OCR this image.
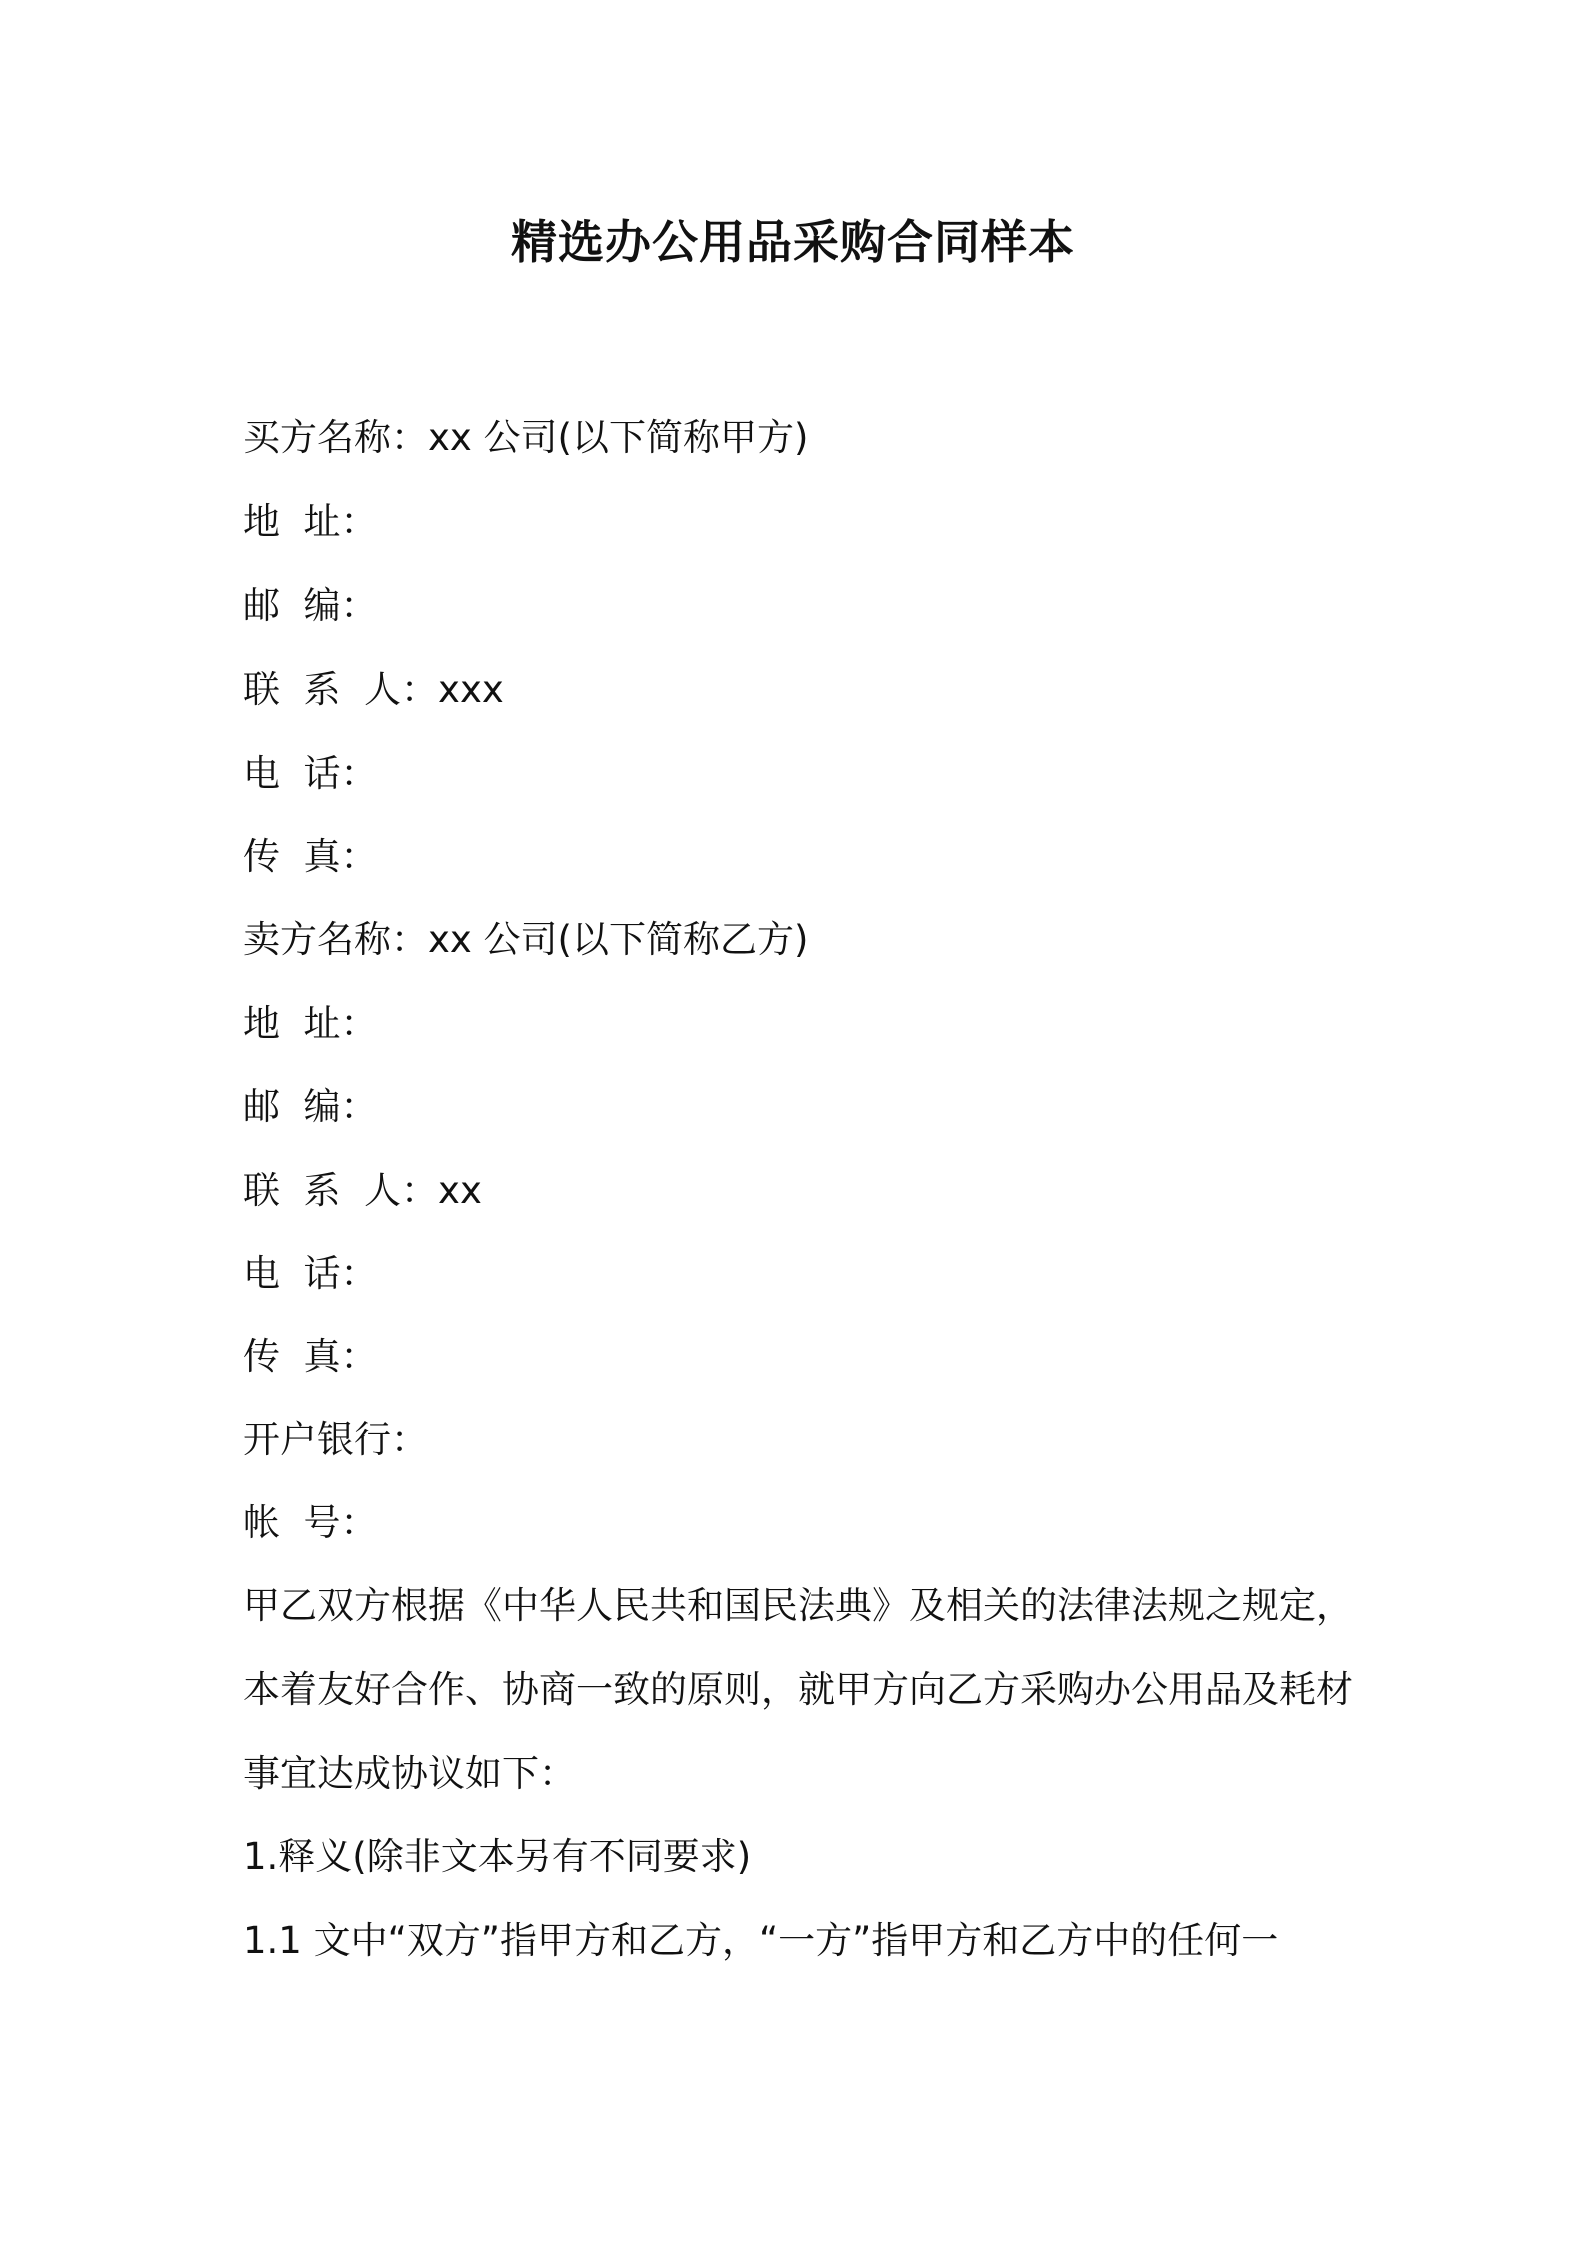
精选办公用品采购合同样本
买方名称：xx 公司(以下简称甲方)
地  址：
邮  编：
联  系  人：xxx
电  话：
传  真：
卖方名称：xx 公司(以下简称乙方)
地  址：
邮  编：
联  系  人：xx
电  话：
传  真：
开户银行：
帐  号：
甲乙双方根据《中华人民共和国民法典》及相关的法律法规之规定，
本着友好合作、协商一致的原则，就甲方向乙方采购办公用品及耗材
事宜达成协议如下：
1.释义(除非文本另有不同要求)
1.1 文中“双方”指甲方和乙方，“一方”指甲方和乙方中的任何一
